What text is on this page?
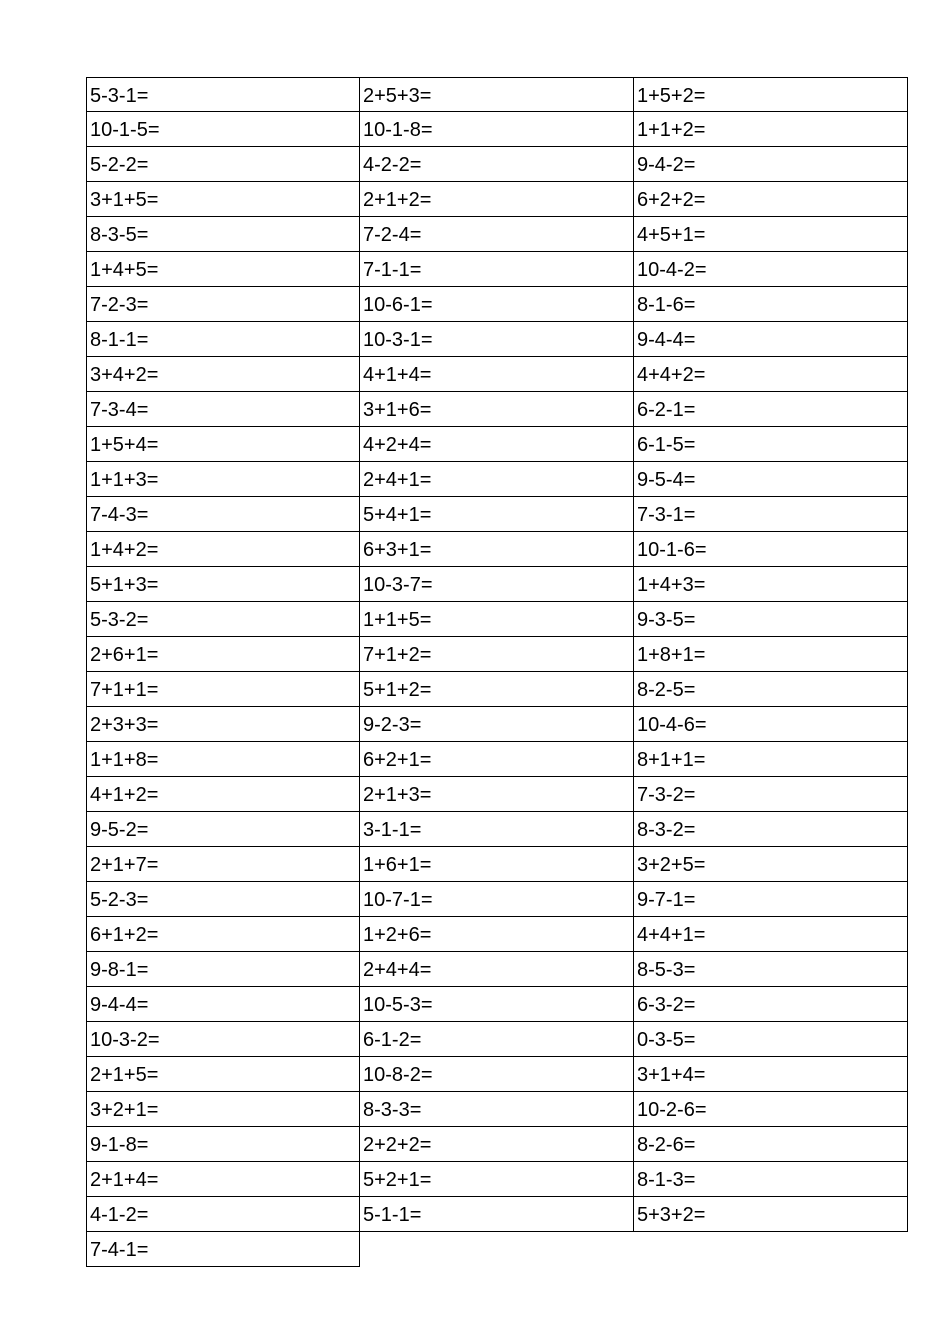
5-3-1=	2+5+3=	1+5+2=
10-1-5=	10-1-8=	1+1+2=
5-2-2=	4-2-2=	9-4-2=
3+1+5=	2+1+2=	6+2+2=
8-3-5=	7-2-4=	4+5+1=
1+4+5=	7-1-1=	10-4-2=
7-2-3=	10-6-1=	8-1-6=
8-1-1=	10-3-1=	9-4-4=
3+4+2=	4+1+4=	4+4+2=
7-3-4=	3+1+6=	6-2-1=
1+5+4=	4+2+4=	6-1-5=
1+1+3=	2+4+1=	9-5-4=
7-4-3=	5+4+1=	7-3-1=
1+4+2=	6+3+1=	10-1-6=
5+1+3=	10-3-7=	1+4+3=
5-3-2=	1+1+5=	9-3-5=
2+6+1=	7+1+2=	1+8+1=
7+1+1=	5+1+2=	8-2-5=
2+3+3=	9-2-3=	10-4-6=
1+1+8=	6+2+1=	8+1+1=
4+1+2=	2+1+3=	7-3-2=
9-5-2=	3-1-1=	8-3-2=
2+1+7=	1+6+1=	3+2+5=
5-2-3=	10-7-1=	9-7-1=
6+1+2=	1+2+6=	4+4+1=
9-8-1=	2+4+4=	8-5-3=
9-4-4=	10-5-3=	6-3-2=
10-3-2=	6-1-2=	0-3-5=
2+1+5=	10-8-2=	3+1+4=
3+2+1=	8-3-3=	10-2-6=
9-1-8=	2+2+2=	8-2-6=
2+1+4=	5+2+1=	8-1-3=
4-1-2=	5-1-1=	5+3+2=
7-4-1=
